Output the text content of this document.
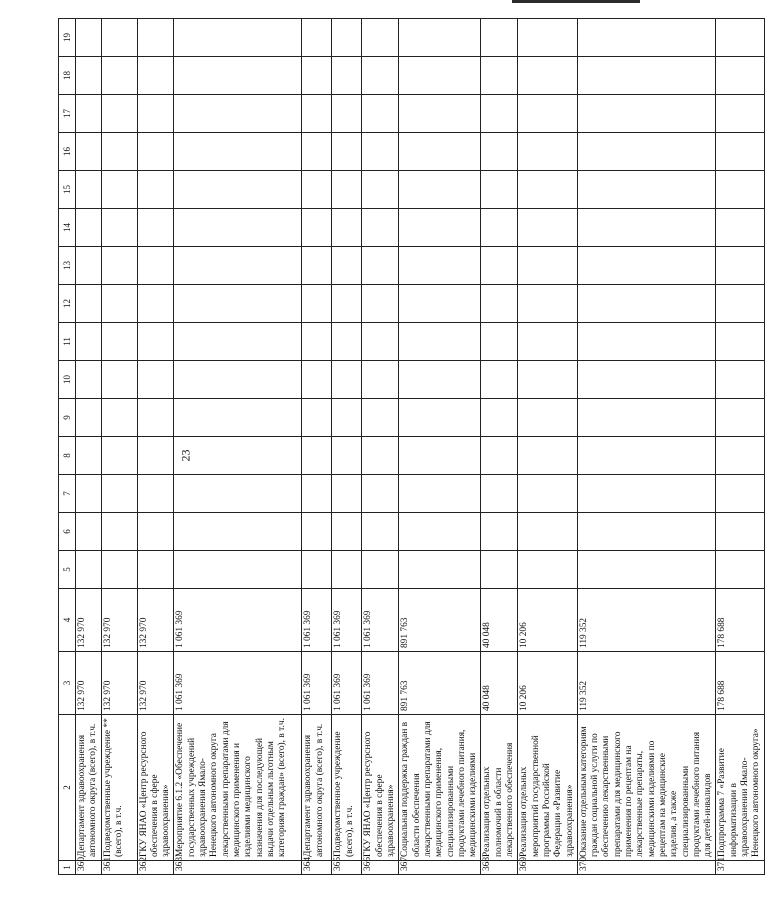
23
1	2	3	4	5	6	7	8	9	10	11	12	13	14	15	16	17	18	19
360	Департамент здравоохранения автономного округа (всего), в т.ч.	132 970	132 970															
361	Подведомственные учреждение ** (всего), в т.ч.	132 970	132 970															
362	ГКУ ЯНАО «Центр ресурсного обеспечения в сфере здравоохранения»	132 970	132 970															
363	Мероприятие 6.1.2 «Обеспечение государственных учреждений здравоохранения Ямало-Ненецкого автономного округа лекарственными препаратами для медицинского применения и изделиями медицинского назначения для последующей выдачи отдельным льготным категориям граждан» (всего), в т.ч.	1 061 369	1 061 369															
364	Департамент здравоохранения автономного округа (всего), в т.ч.	1 061 369	1 061 369															
365	Подведомственное учреждение (всего), в т.ч.	1 061 369	1 061 369															
366	ГКУ ЯНАО «Центр ресурсного обеспечения в сфере здравоохранения»	1 061 369	1 061 369															
367	Социальная поддержка граждан в области обеспечения лекарственными препаратами для медицинского применения, специализированными продуктами лечебного питания, медицинскими изделиями	891 763	891 763															
368	Реализация отдельных полномочий в области лекарственного обеспечения	40 048	40 048															
369	Реализация отдельных мероприятий государственной программы Российской Федерации «Развитие здравоохранения»	10 206	10 206															
370	Оказание отдельным категориям граждан социальной услуги по обеспечению лекарственными препаратами для медицинского применения по рецептам на лекарственные препараты, медицинскими изделиями по рецептам на медицинские изделия, а также специализированными продуктами лечебного питания для детей-инвалидов	119 352	119 352															
371	Подпрограмма 7 «Развитие информатизации в здравоохранении Ямало-Ненецкого автономного округа»	178 688	178 688															
